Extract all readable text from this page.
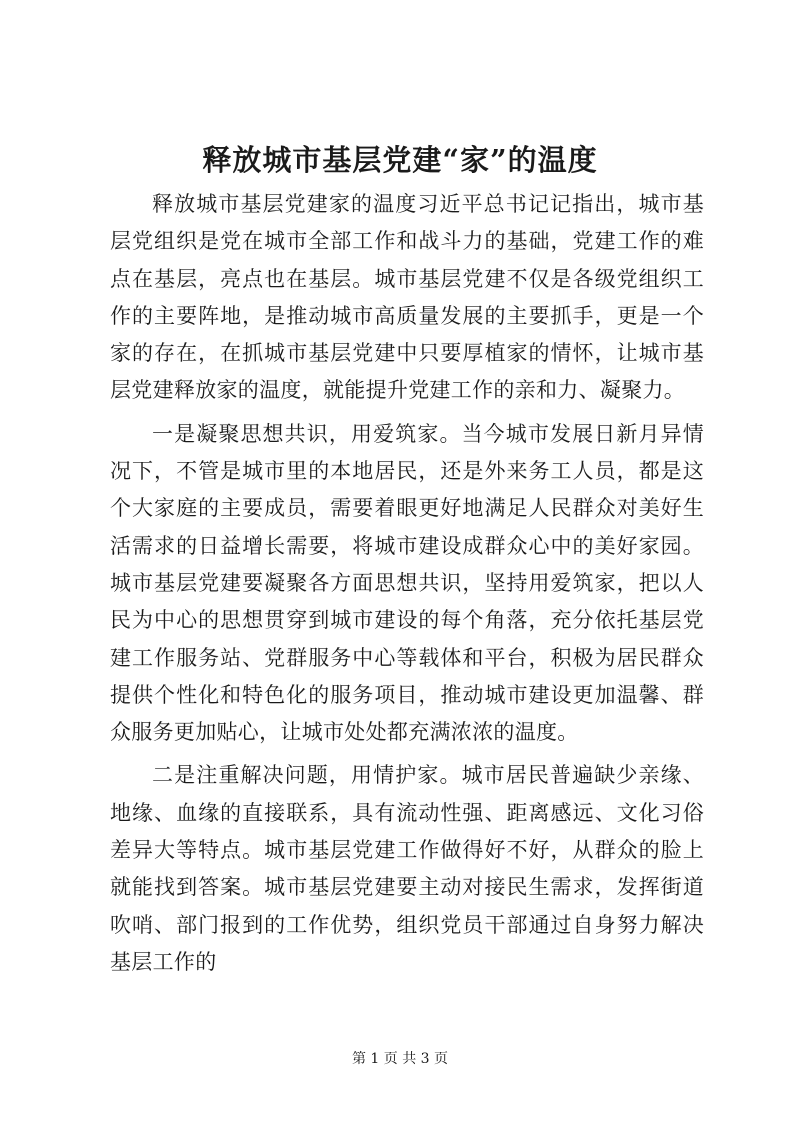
释放城市基层党建“家”的温度

释放城市基层党建家的温度习近平总书记记指出，城市基层党组织是党在城市全部工作和战斗力的基础，党建工作的难点在基层，亮点也在基层。城市基层党建不仅是各级党组织工作的主要阵地，是推动城市高质量发展的主要抓手，更是一个家的存在，在抓城市基层党建中只要厚植家的情怀，让城市基层党建释放家的温度，就能提升党建工作的亲和力、凝聚力。

一是凝聚思想共识，用爱筑家。当今城市发展日新月异情况下，不管是城市里的本地居民，还是外来务工人员，都是这个大家庭的主要成员，需要着眼更好地满足人民群众对美好生活需求的日益增长需要，将城市建设成群众心中的美好家园。城市基层党建要凝聚各方面思想共识，坚持用爱筑家，把以人民为中心的思想贯穿到城市建设的每个角落，充分依托基层党建工作服务站、党群服务中心等载体和平台，积极为居民群众提供个性化和特色化的服务项目，推动城市建设更加温馨、群众服务更加贴心，让城市处处都充满浓浓的温度。

二是注重解决问题，用情护家。城市居民普遍缺少亲缘、地缘、血缘的直接联系，具有流动性强、距离感远、文化习俗差异大等特点。城市基层党建工作做得好不好，从群众的脸上就能找到答案。城市基层党建要主动对接民生需求，发挥街道吹哨、部门报到的工作优势，组织党员干部通过自身努力解决基层工作的

第 1 页 共 3 页
